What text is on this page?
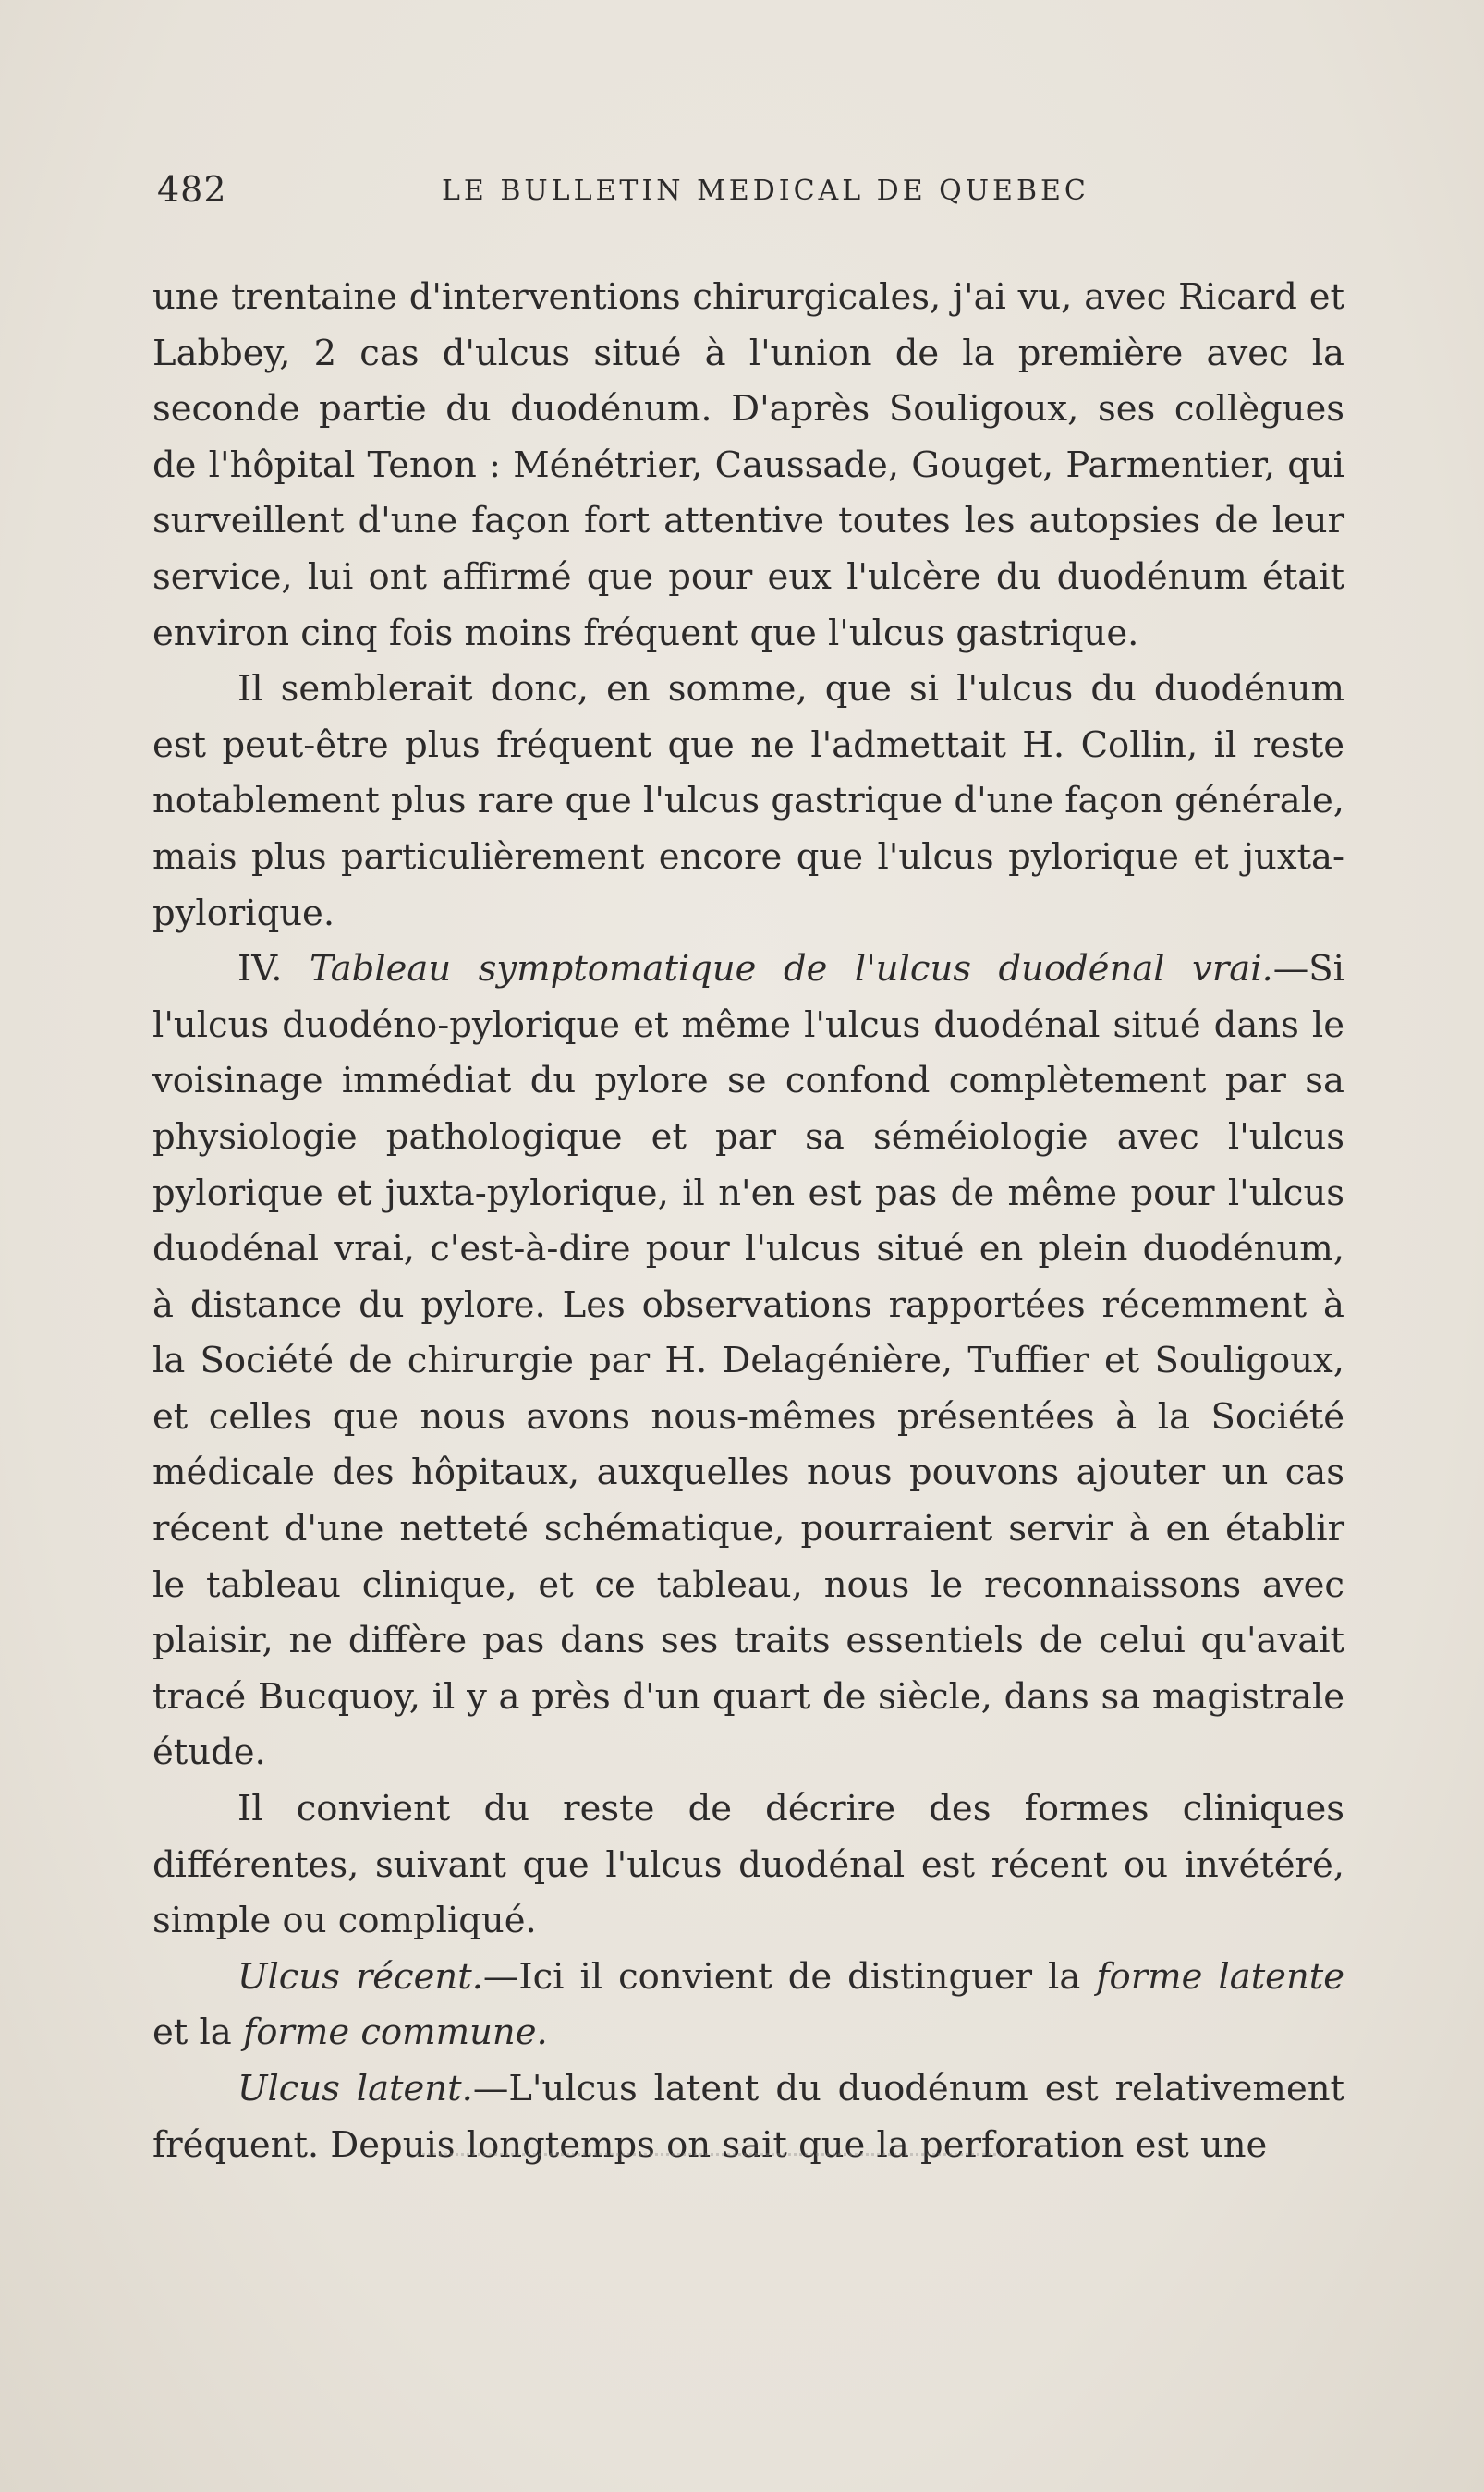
482	LE BULLETIN MEDICAL DE QUEBEC

une trentaine d'interventions chirurgicales, j'ai vu, avec Ricard et Labbey, 2 cas d'ulcus situé à l'union de la première avec la seconde partie du duodénum. D'après Souligoux, ses collègues de l'hôpital Tenon : Ménétrier, Caussade, Gouget, Parmentier, qui surveillent d'une façon fort attentive toutes les autopsies de leur service, lui ont affirmé que pour eux l'ulcère du duodénum était environ cinq fois moins fréquent que l'ulcus gastrique.

Il semblerait donc, en somme, que si l'ulcus du duodénum est peut-être plus fréquent que ne l'admettait H. Collin, il reste notablement plus rare que l'ulcus gastrique d'une façon générale, mais plus particulièrement encore que l'ulcus pylorique et juxta-pylorique.

IV. Tableau symptomatique de l'ulcus duodénal vrai.—Si l'ulcus duodéno-pylorique et même l'ulcus duodénal situé dans le voisinage immédiat du pylore se confond complètement par sa physiologie pathologique et par sa séméiologie avec l'ulcus pylorique et juxta-pylorique, il n'en est pas de même pour l'ulcus duodénal vrai, c'est-à-dire pour l'ulcus situé en plein duodénum, à distance du pylore. Les observations rapportées récemment à la Société de chirurgie par H. Delagénière, Tuffier et Souligoux, et celles que nous avons nous-mêmes présentées à la Société médicale des hôpitaux, auxquelles nous pouvons ajouter un cas récent d'une netteté schématique, pourraient servir à en établir le tableau clinique, et ce tableau, nous le reconnaissons avec plaisir, ne diffère pas dans ses traits essentiels de celui qu'avait tracé Bucquoy, il y a près d'un quart de siècle, dans sa magistrale étude.

Il convient du reste de décrire des formes cliniques différentes, suivant que l'ulcus duodénal est récent ou invétéré, simple ou compliqué.

Ulcus récent.—Ici il convient de distinguer la forme latente et la forme commune.

Ulcus latent.—L'ulcus latent du duodénum est relativement fréquent. Depuis longtemps on sait que la perforation est une
